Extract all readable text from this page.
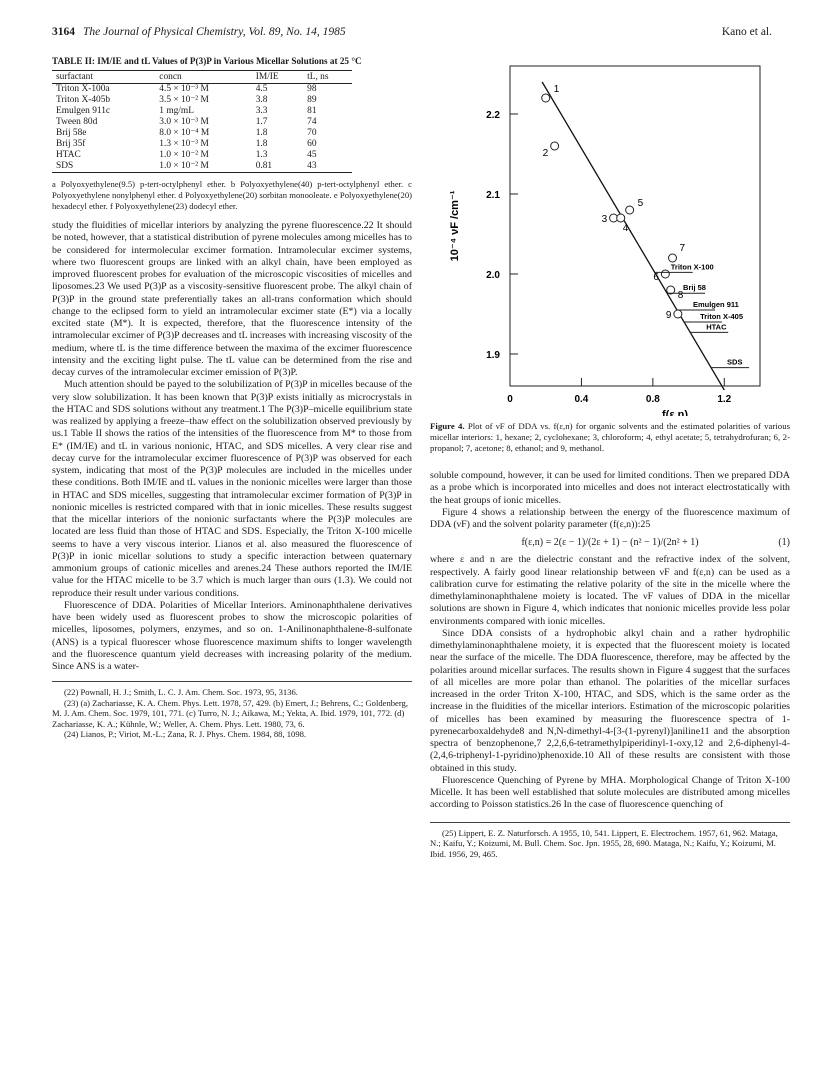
3164 The Journal of Physical Chemistry, Vol. 89, No. 14, 1985	Kano et al.
TABLE II: IM/IE and tL Values of P(3)P in Various Micellar Solutions at 25 °C
surfactant	concn	IM/IE	tL, ns
Triton X-100a	4.5 × 10⁻³ M	4.5	98
Triton X-405b	3.5 × 10⁻² M	3.8	89
Emulgen 911c	1 mg/mL	3.3	81
Tween 80d	3.0 × 10⁻³ M	1.7	74
Brij 58e	8.0 × 10⁻⁴ M	1.8	70
Brij 35f	1.3 × 10⁻³ M	1.8	60
HTAC	1.0 × 10⁻² M	1.3	45
SDS	1.0 × 10⁻² M	0.81	43
a Polyoxyethylene(9.5) p-tert-octylphenyl ether. b Polyoxyethylene(40) p-tert-octylphenyl ether. c Polyoxyethylene nonylphenyl ether. d Polyoxyethylene(20) sorbitan monooleate. e Polyoxyethylene(20) hexadecyl ether. f Polyoxyethylene(23) dodecyl ether.

study the fluidities of micellar interiors by analyzing the pyrene fluorescence.22 It should be noted, however, that a statistical distribution of pyrene molecules among micelles has to be considered for intermolecular excimer formation. Intramolecular excimer systems, where two fluorescent groups are linked with an alkyl chain, have been employed as improved fluorescent probes for evaluation of the microscopic viscosities of micelles and liposomes.23 We used P(3)P as a viscosity-sensitive fluorescent probe. The alkyl chain of P(3)P in the ground state preferentially takes an all-trans conformation which should change to the eclipsed form to yield an intramolecular excimer state (E*) via a locally excited state (M*). It is expected, therefore, that the fluorescence intensity of the intramolecular excimer of P(3)P decreases and tL increases with increasing viscosity of the medium, where tL is the time difference between the maxima of the excimer fluorescence intensity and the exciting light pulse. The tL value can be determined from the rise and decay curves of the intramolecular excimer emission of P(3)P.

Much attention should be payed to the solubilization of P(3)P in micelles because of the very slow solubilization. It has been known that P(3)P exists initially as microcrystals in the HTAC and SDS solutions without any treatment.1 The P(3)P–micelle equilibrium state was realized by applying a freeze–thaw effect on the solubilization observed previously by us.1 Table II shows the ratios of the intensities of the fluorescence from M* to those from E* (IM/IE) and tL in various nonionic, HTAC, and SDS micelles. A very clear rise and decay curve for the intramolecular excimer fluorescence of P(3)P was observed for each system, indicating that most of the P(3)P molecules are included in the micelles under these conditions. Both IM/IE and tL values in the nonionic micelles were larger than those in HTAC and SDS micelles, suggesting that intramolecular excimer formation of P(3)P in nonionic micelles is restricted compared with that in ionic micelles. These results suggest that the micellar interiors of the nonionic surfactants where the P(3)P molecules are located are less fluid than those of HTAC and SDS. Especially, the Triton X-100 micelle seems to have a very viscous interior. Lianos et al. also measured the fluorescence of P(3)P in ionic micellar solutions to study a specific interaction between quaternary ammonium groups of cationic micelles and arenes.24 These authors reported the IM/IE value for the HTAC micelle to be 3.7 which is much larger than ours (1.3). We could not reproduce their result under various conditions.

Fluorescence of DDA. Polarities of Micellar Interiors. Aminonaphthalene derivatives have been widely used as fluorescent probes to show the microscopic polarities of micelles, liposomes, polymers, enzymes, and so on. 1-Anilinonaphthalene-8-sulfonate (ANS) is a typical fluorescer whose fluorescence maximum shifts to longer wavelength and the fluorescence quantum yield decreases with increasing polarity of the medium. Since ANS is a water-

(22) Pownall, H. J.; Smith, L. C. J. Am. Chem. Soc. 1973, 95, 3136.

(23) (a) Zachariasse, K. A. Chem. Phys. Lett. 1978, 57, 429. (b) Emert, J.; Behrens, C.; Goldenberg, M. J. Am. Chem. Soc. 1979, 101, 771. (c) Turro, N. J.; Aikawa, M.; Yekta, A. Ibid. 1979, 101, 772. (d) Zachariasse, K. A.; Kühnle, W.; Weller, A. Chem. Phys. Lett. 1980, 73, 6.

(24) Lianos, P.; Viriot, M.-L.; Zana, R. J. Phys. Chem. 1984, 88, 1098.

1.9
2.0
2.1
2.2
0	0.4	0.8	1.2
10⁻⁴ νF /cm⁻¹
f(ε,n)
1
2
3
4
5
6
7
8
9
Triton X-100
Brij 58
Emulgen 911
Triton X-405
HTAC
SDS
Figure 4. Plot of νF of DDA vs. f(ε,n) for organic solvents and the estimated polarities of various micellar interiors: 1, hexane; 2, cyclohexane; 3, chloroform; 4, ethyl acetate; 5, tetrahydrofuran; 6, 2-propanol; 7, acetone; 8, ethanol; and 9, methanol.

soluble compound, however, it can be used for limited conditions. Then we prepared DDA as a probe which is incorporated into micelles and does not interact electrostatically with the heat groups of ionic micelles.

Figure 4 shows a relationship between the energy of the fluorescence maximum of DDA (νF) and the solvent polarity parameter (f(ε,n)):25

f(ε,n) = 2(ε − 1)/(2ε + 1) − (n² − 1)/(2n² + 1)	(1)

where ε and n are the dielectric constant and the refractive index of the solvent, respectively. A fairly good linear relationship between νF and f(ε,n) can be used as a calibration curve for estimating the relative polarity of the site in the micelle where the dimethylaminonaphthalene moiety is located. The νF values of DDA in the micellar solutions are shown in Figure 4, which indicates that nonionic micelles provide less polar environments compared with ionic micelles.

Since DDA consists of a hydrophobic alkyl chain and a rather hydrophilic dimethylaminonaphthalene moiety, it is expected that the fluorescent moiety is located near the surface of the micelle. The DDA fluorescence, therefore, may be affected by the polarities around micellar surfaces. The results shown in Figure 4 suggest that the surfaces of all micelles are more polar than ethanol. The polarities of the micellar surfaces increased in the order Triton X-100, HTAC, and SDS, which is the same order as the increase in the fluidities of the micellar interiors. Estimation of the microscopic polarities of micelles has been examined by measuring the fluorescence spectra of 1-pyrenecarboxaldehyde8 and N,N-dimethyl-4-[3-(1-pyrenyl)]aniline11 and the absorption spectra of benzophenone,7 2,2,6,6-tetramethylpiperidinyl-1-oxy,12 and 2,6-diphenyl-4-(2,4,6-triphenyl-1-pyridino)phenoxide.10 All of these results are consistent with those obtained in this study.

Fluorescence Quenching of Pyrene by MHA. Morphological Change of Triton X-100 Micelle. It has been well established that solute molecules are distributed among micelles according to Poisson statistics.26 In the case of fluorescence quenching of

(25) Lippert, E. Z. Naturforsch. A 1955, 10, 541. Lippert, E. Electrochem. 1957, 61, 962. Mataga, N.; Kaifu, Y.; Koizumi, M. Bull. Chem. Soc. Jpn. 1955, 28, 690. Mataga, N.; Kaifu, Y.; Koizumi, M. Ibid. 1956, 29, 465.
